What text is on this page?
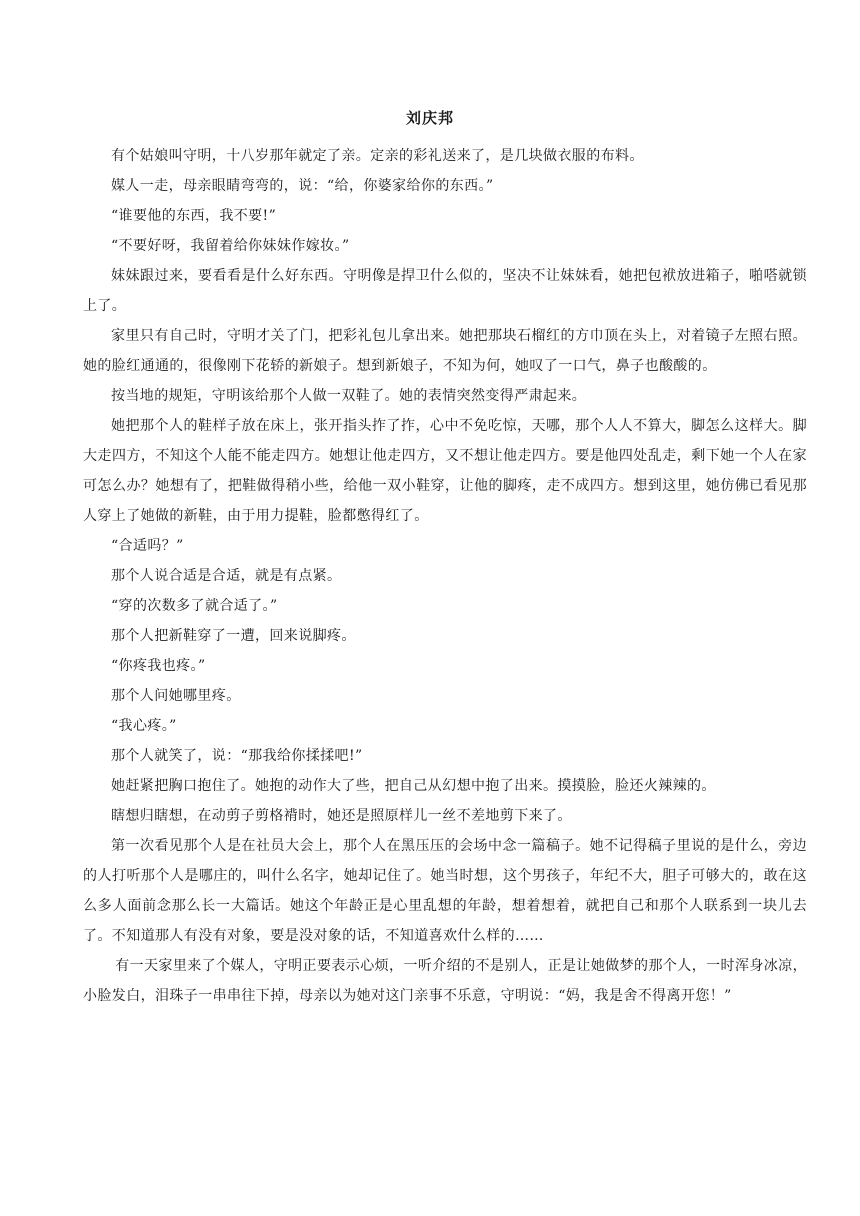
刘庆邦

有个姑娘叫守明，十八岁那年就定了亲。定亲的彩礼送来了，是几块做衣服的布料。

媒人一走，母亲眼睛弯弯的，说：“给，你婆家给你的东西。”

“谁要他的东西，我不要!”

“不要好呀，我留着给你妹妹作嫁妆。”

妹妹跟过来，要看看是什么好东西。守明像是捍卫什么似的，坚决不让妹妹看，她把包袱放进箱子，啪嗒就锁上了。

家里只有自己时，守明才关了门，把彩礼包儿拿出来。她把那块石榴红的方巾顶在头上，对着镜子左照右照。她的脸红通通的，很像刚下花轿的新娘子。想到新娘子，不知为何，她叹了一口气，鼻子也酸酸的。

按当地的规矩，守明该给那个人做一双鞋了。她的表情突然变得严肃起来。

她把那个人的鞋样子放在床上，张开指头拃了拃，心中不免吃惊，天哪，那个人人不算大，脚怎么这样大。脚大走四方，不知这个人能不能走四方。她想让他走四方，又不想让他走四方。要是他四处乱走，剩下她一个人在家可怎么办？她想有了，把鞋做得稍小些，给他一双小鞋穿，让他的脚疼，走不成四方。想到这里，她仿佛已看见那人穿上了她做的新鞋，由于用力提鞋，脸都憋得红了。

“合适吗？”

那个人说合适是合适，就是有点紧。

“穿的次数多了就合适了。”

那个人把新鞋穿了一遭，回来说脚疼。

“你疼我也疼。”

那个人问她哪里疼。

“我心疼。”

那个人就笑了，说：“那我给你揉揉吧!”

她赶紧把胸口抱住了。她抱的动作大了些，把自己从幻想中抱了出来。摸摸脸，脸还火辣辣的。

瞎想归瞎想，在动剪子剪格褙时，她还是照原样儿一丝不差地剪下来了。

第一次看见那个人是在社员大会上，那个人在黑压压的会场中念一篇稿子。她不记得稿子里说的是什么，旁边的人打听那个人是哪庄的，叫什么名字，她却记住了。她当时想，这个男孩子，年纪不大，胆子可够大的，敢在这么多人面前念那么长一大篇话。她这个年龄正是心里乱想的年龄，想着想着，就把自己和那个人联系到一块儿去了。不知道那人有没有对象，要是没对象的话，不知道喜欢什么样的……

有一天家里来了个媒人，守明正要表示心烦，一听介绍的不是别人，正是让她做梦的那个人，一时浑身冰凉，小脸发白，泪珠子一串串往下掉，母亲以为她对这门亲事不乐意，守明说：“妈，我是舍不得离开您！”
